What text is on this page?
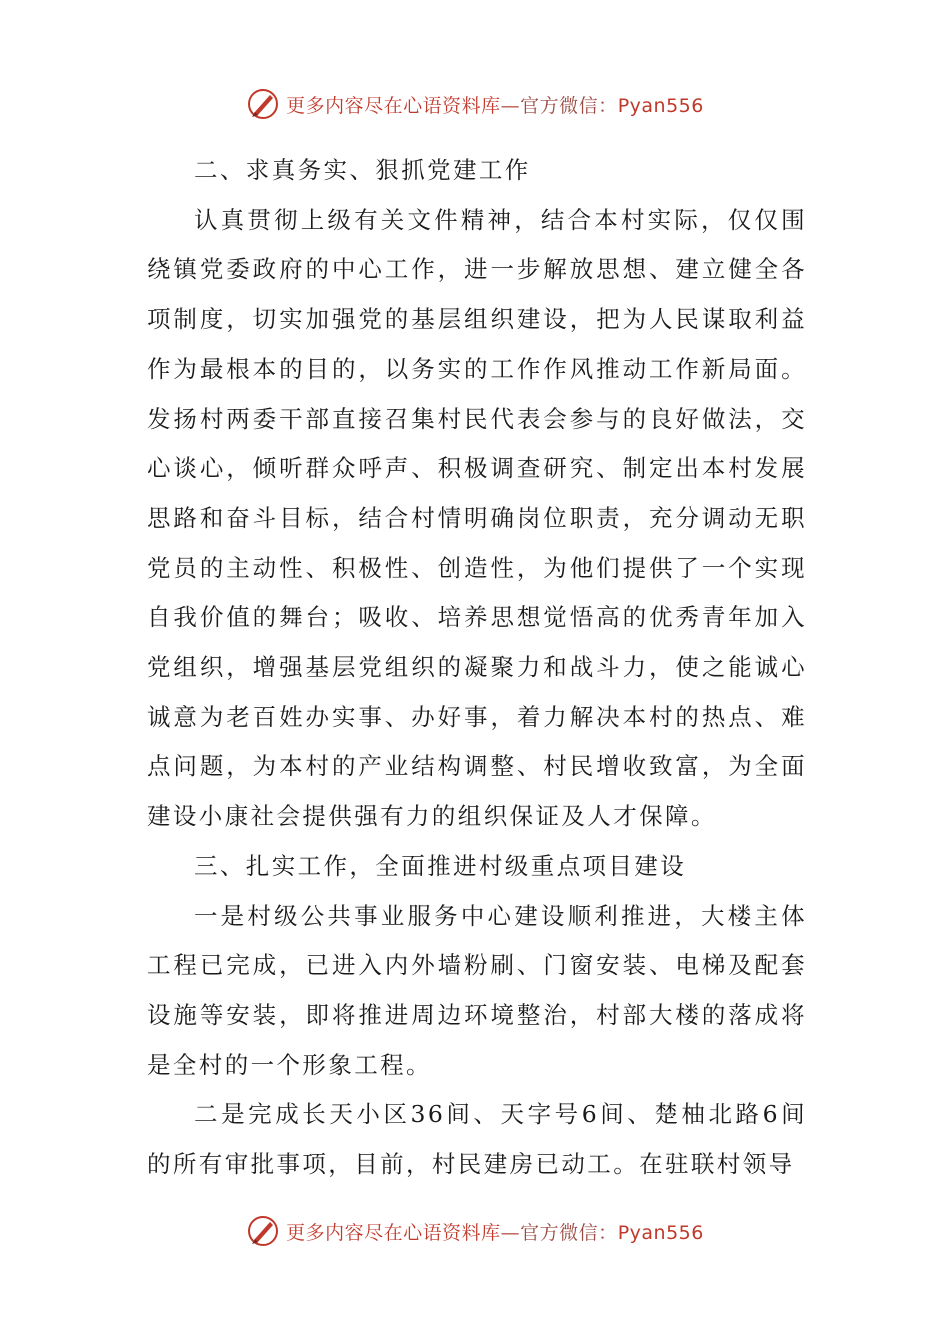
更多内容尽在心语资料库—官方微信：Pyan556

二、求真务实、狠抓党建工作

认真贯彻上级有关文件精神，结合本村实际，仅仅围绕镇党委政府的中心工作，进一步解放思想、建立健全各项制度，切实加强党的基层组织建设，把为人民谋取利益作为最根本的目的，以务实的工作作风推动工作新局面。发扬村两委干部直接召集村民代表会参与的良好做法，交心谈心，倾听群众呼声、积极调查研究、制定出本村发展思路和奋斗目标，结合村情明确岗位职责，充分调动无职党员的主动性、积极性、创造性，为他们提供了一个实现自我价值的舞台；吸收、培养思想觉悟高的优秀青年加入党组织，增强基层党组织的凝聚力和战斗力，使之能诚心诚意为老百姓办实事、办好事，着力解决本村的热点、难点问题，为本村的产业结构调整、村民增收致富，为全面建设小康社会提供强有力的组织保证及人才保障。

三、扎实工作，全面推进村级重点项目建设

一是村级公共事业服务中心建设顺利推进，大楼主体工程已完成，已进入内外墙粉刷、门窗安装、电梯及配套设施等安装，即将推进周边环境整治，村部大楼的落成将是全村的一个形象工程。

二是完成长天小区36间、天字号6间、楚柚北路6间的所有审批事项，目前，村民建房已动工。在驻联村领导

更多内容尽在心语资料库—官方微信：Pyan556
